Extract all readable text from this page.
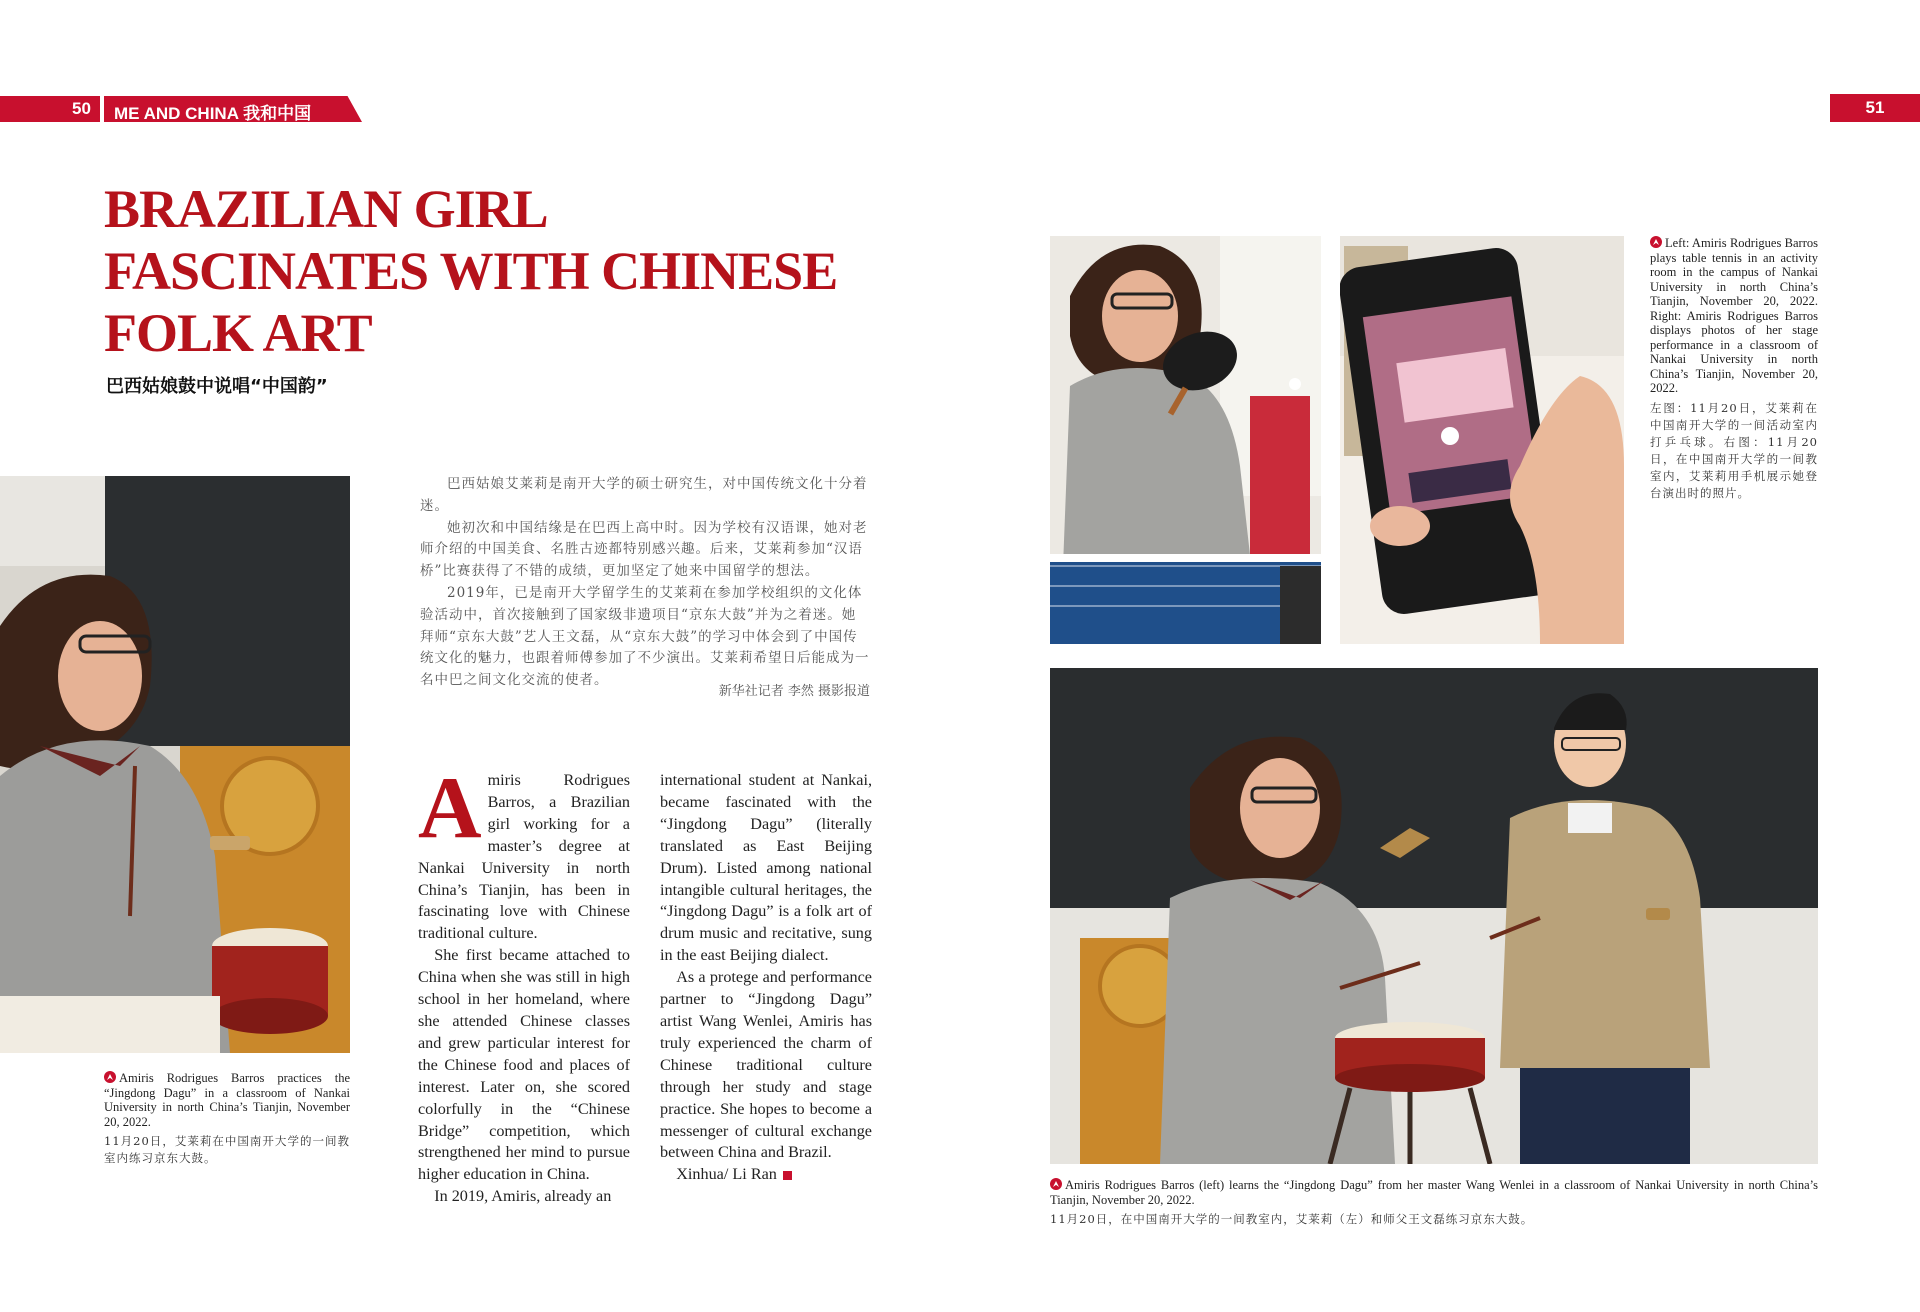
50 ME AND CHINA 我和中国	51
BRAZILIAN GIRL FASCINATES WITH CHINESE FOLK ART
巴西姑娘鼓中说唱“中国韵”
Amiris Rodrigues Barros practices the “Jingdong Dagu” in a classroom of Nankai University in north China’s Tianjin, November 20, 2022.
11月20日，艾莱莉在中国南开大学的一间教室内练习京东大鼓。

巴西姑娘艾莱莉是南开大学的硕士研究生，对中国传统文化十分着迷。

她初次和中国结缘是在巴西上高中时。因为学校有汉语课，她对老师介绍的中国美食、名胜古迹都特别感兴趣。后来，艾莱莉参加“汉语桥”比赛获得了不错的成绩，更加坚定了她来中国留学的想法。

2019年，已是南开大学留学生的艾莱莉在参加学校组织的文化体验活动中，首次接触到了国家级非遗项目“京东大鼓”并为之着迷。她拜师“京东大鼓”艺人王文磊，从“京东大鼓”的学习中体会到了中国传统文化的魅力，也跟着师傅参加了不少演出。艾莱莉希望日后能成为一名中巴之间文化交流的使者。

新华社记者 李然 摄影报道

Amiris Rodrigues Barros, a Brazilian girl working for a master’s degree at Nankai University in north China’s Tianjin, has been in fascinating love with Chinese traditional culture.

She first became attached to China when she was still in high school in her homeland, where she attended Chinese classes and grew particular interest for the Chinese food and places of interest. Later on, she scored colorfully in the “Chinese Bridge” competition, which strengthened her mind to pursue higher education in China.

In 2019, Amiris, already an

international student at Nankai, became fascinated with the “Jingdong Dagu” (literally translated as East Beijing Drum). Listed among national intangible cultural heritages, the “Jingdong Dagu” is a folk art of drum music and recitative, sung in the east Beijing dialect.

As a protege and performance partner to “Jingdong Dagu” artist Wang Wenlei, Amiris has truly experienced the charm of Chinese traditional culture through her study and stage practice. She hopes to become a messenger of cultural exchange between China and Brazil.

Xinhua/ Li Ran

Left: Amiris Rodrigues Barros plays table tennis in an activity room in the campus of Nankai University in north China’s Tianjin, November 20, 2022. Right: Amiris Rodrigues Barros displays photos of her stage performance in a classroom of Nankai University in north China’s Tianjin, November 20, 2022.
左图：11月20日，艾莱莉在中国南开大学的一间活动室内打乒乓球。右图：11月20日，在中国南开大学的一间教室内，艾莱莉用手机展示她登台演出时的照片。
Amiris Rodrigues Barros (left) learns the “Jingdong Dagu” from her master Wang Wenlei in a classroom of Nankai University in north China’s Tianjin, November 20, 2022.
11月20日，在中国南开大学的一间教室内，艾莱莉（左）和师父王文磊练习京东大鼓。
